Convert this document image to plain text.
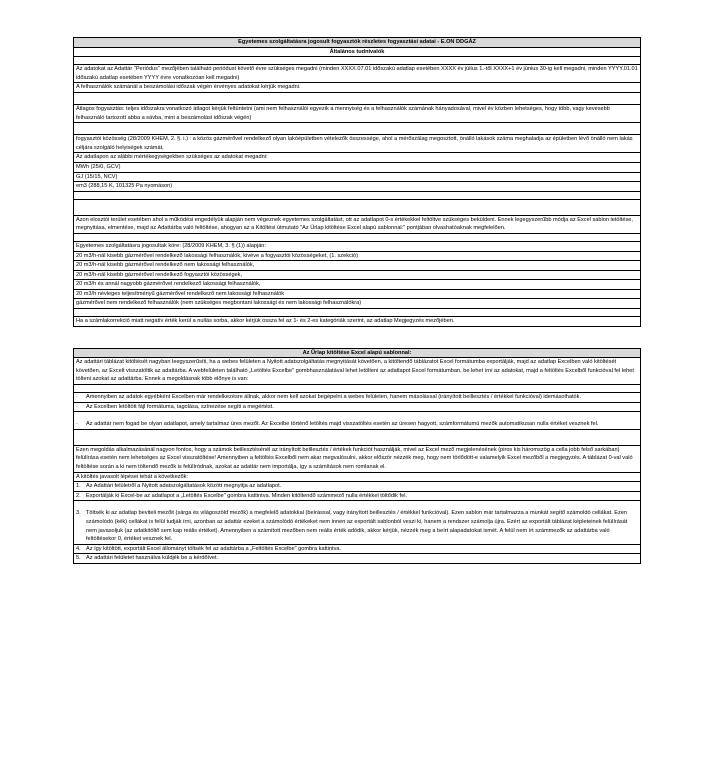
Egyetemes szolgáltatásra jogosult fogyasztók részletes fogyasztási adatai - E.ON DDGÁZ
Általános tudnivalók
Az adatokat az Adattár "Periódus" mezőjében található periódust követő évre szükséges megadni (minden XXXX.07.01 időszakú adatlap esetében XXXX év július 1.-től XXXX+1 év június 30-ig kell megadni, minden YYYY.01.01 időszakú adatlap esetében YYYY évre vonatkozóan kell megadni)
A felhasználók számánál a beszámolási időszak végén érvényes adatokat kérjük megadni.
Átlagos fogyasztás: teljes időszakra vonatkozó átlagot kérjük feltüntetni (ami nem felhasználói egyezik a mennyiség és a felhasználók számának hányadosával, mivel év közben lehetséges, hogy több, vagy kevesebb felhasználó tartozott abba a sávba, mint a beszámolási időszak végén)
fogyasztói közösség (28/2009 KHEM, 2. §. i.) : a közös gázmérővel rendelkező olyan lakóépületben vételezők összessége, ahol a mérőszálag megosztott, önálló lakások száma meghaladja az épületben lévő önálló nem lakás céljára szolgáló helyiségek számát,
Az adatlapon az alábbi mértékegységekben szükséges az adatokat megadni:
MWh (25/0, GCV)
GJ (15/15, NCV)
em3 (288,15 K, 101325 Pa nyomáson)
Azon elosztói terület esetében ahol a működési engedélyük alapján nem végeznek egyetemes szolgáltatást, ott az adatlapot 0-s értékekkel feltöltve szükséges beküldeni. Ennek legegyszerűbb módja az Excel sablon letöltése, megnyitása, elmentése, majd az Adattárba való feltöltése, ahogyan az a Kitöltési útmutató "Az Űrlap kitöltése Excel alapú sablonnal:" pontjában olvashatóaknak megfelelően.
Egyetemes szolgáltatásra jogosultak köre: (28/2009 KHEM, 3. § (1)) alapján:
20 m3/h-nál kisebb gázmérővel rendelkező lakossági felhasználók, kivéve a fogyasztói közösségeket, (1. szekció)
20 m3/h-nál kisebb gázmérővel rendelkező nem lakossági felhasználók,
20 m3/h-nál kisebb gázmérővel rendelkező fogyasztói közösségek,
20 m3/h és annál nagyobb gázmérővel rendelkező lakossági felhasználók,
20 m3/h névleges teljesítményű gázmérővel rendelkező nem lakossági felhasználók
gázmérővel nem rendelkező felhasználók (nem szükséges megbontani lakossági és nem lakossági felhasználókra)
Ha a számlakorrekció miatt negatív érték kerül a nullás sorba, akkor kérjük ossza fel az 1- és 2-es kategóriák szerint, az adatlap Megjegyzés mezőjében.
Az Űrlap kitöltése Excel alapú sablonnal:
Az adattári táblázat kitöltését nagyban leegyszerűsíti, ha a webes felületen a Nyitott adatszolgáltatás megnyitását követően, a kitöltendő táblázatot Excel formátumba exportálják, majd az adatlap Excelben való kitöltését követően, az Excelt visszatöltik az adattárba. A webfelületen található „Letöltés Excelbe" gombhasználatával lehet letölteni az adatlapot Excel formátumban, be lehet írni az adatokat, majd a feltöltés Excelből funkcióval fel lehet tölteni azokat az adattárba. Ennek a megoldásnak több előnye is van:
·	Amennyiben az adatok egyébként Excelben már rendelkezésre állnak, akkor nem kell azokat begépelni a webes felületen, hanem másolással (irányított beillesztés / értékkel funkcióval) idemásolhatók.
·	Az Excelben letöltött fájl formátuma, tagolása, színezése segíti a megértést.
·	Az adattár nem fogad be olyan adatlapot, amely tartalmaz üres mezőt. Az Excelbe történő letöltés majd visszatöltés esetén az üresen hagyott, számformátumú mezők automatikusan nulla értéket vesznek fel.
Ezen megoldás alkalmazásánál nagyon fontos, hogy a számok beillesztésénél az irányított beillesztés / értékek funkciót használják, mivel az Excel mező megjelenésének (piros kis háromszög a cella jobb felső sarkában) felülírása esetén nem lehetséges az Excel visszatöltése! Amennyiben a feltöltés Excelből nem akar megvalósulni, akkor először nézzék meg, hogy nem törlődött-e valamelyik Excel mezőből a megjegyzés. A táblázat 0-val való feltöltése során a ki nem töltendő mezők is felülíródnak, azokat az adattár nem importálja, így a számítások nem romlanak el.
A kitöltés javasolt lépései tehát a következők:
1. Az Adattári felületről a Nyitott adatszolgáltatások között megnyitja az adatlapot.
2. Exportálják ki Excel-be az adatlapot a „Letöltés Excelbe" gombra kattintva. Minden kitöltendő számmező nulla értékkel töltődik fel.
3. Töltsék ki az adatlap beviteli mezőit (sárga és világoszöld mezők) a megfelelő adatokkal (beírással, vagy irányított beillesztés / értékkel funkcióval). Ezen sablon már tartalmazza a munkát segítő számoldó cellákat. Ezen számolódó (kék) cellákat is felül tudják írni, azonban az adattár ezeket a számolódó értékeket nem innen az exportált sablonból veszi ki, hanem a rendszer számolja újra. Ezért az exportált táblázat képleteinek felülírását nem javasoljuk (az adatkitöltő sem kap reális értéket). Amennyiben a számított mezőben nem reális érték adódik, akkor kérjük, nézzék meg a beírt alapadatokat ismét. A felül nem írt számmezők az adattárba való feltöltésekor 0, értéket vesznek fel.
4. Az így kitöltött, exportált Excel állományt töltsék fel az adattárba a „Feltöltés Excelbe" gombra kattintva.
5. Az adattári felületet használva küldjék be a kérdőívet.
